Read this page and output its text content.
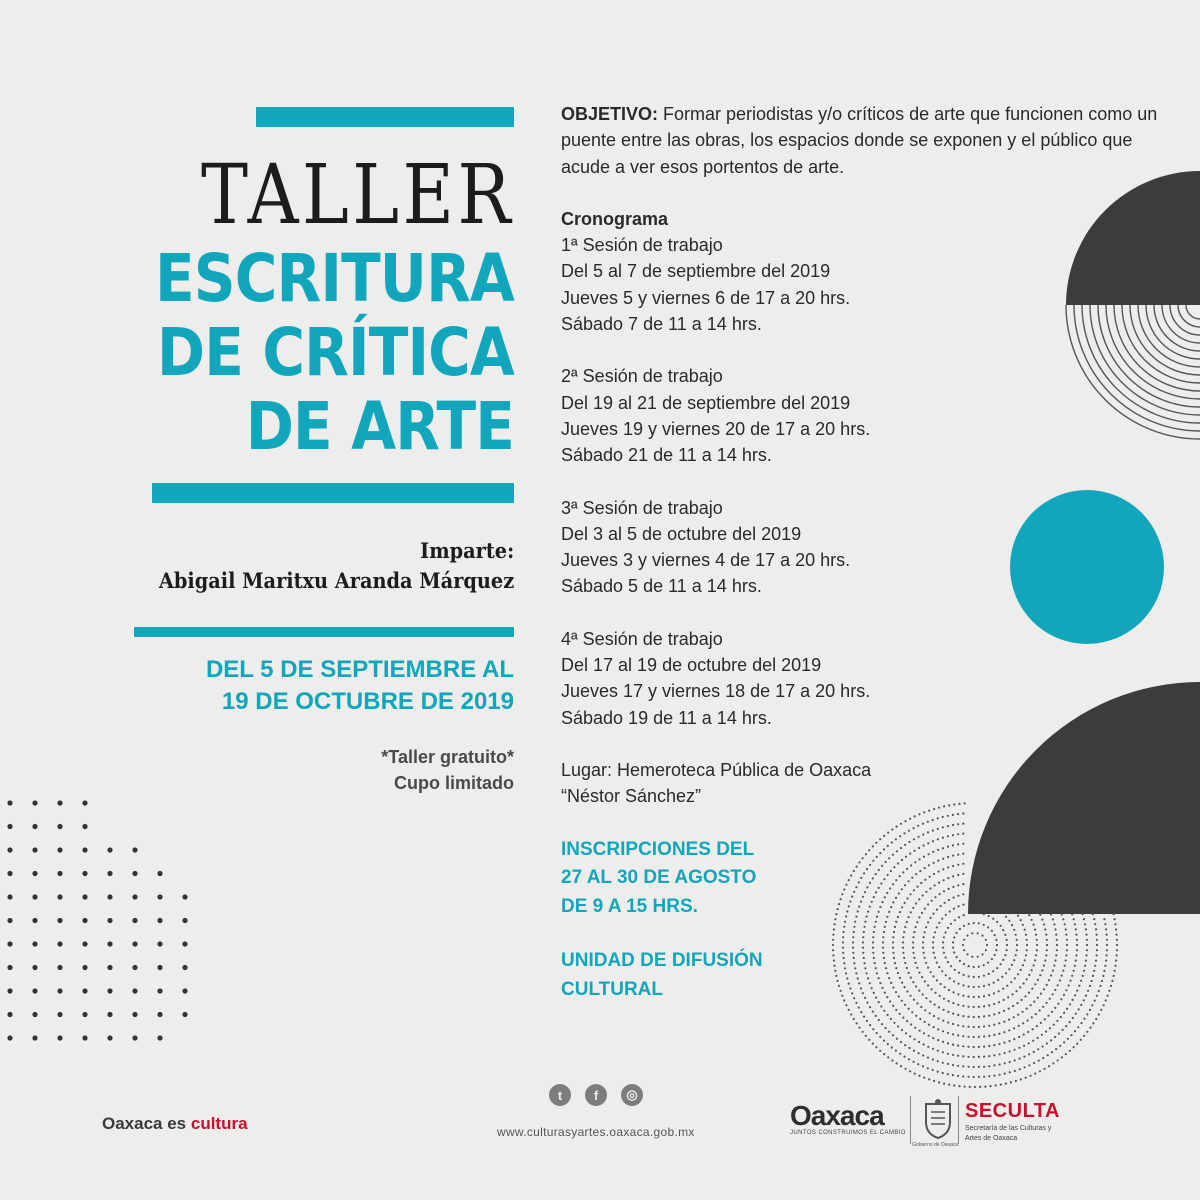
TALLER
ESCRITURA
DE CRÍTICA
DE ARTE
Imparte:
Abigail Maritxu Aranda Márquez
DEL 5 DE SEPTIEMBRE AL
19 DE OCTUBRE DE 2019
*Taller gratuito*
Cupo limitado
OBJETIVO: Formar periodistas y/o críticos de arte que funcionen como un puente entre las obras, los espacios donde se exponen y el público que acude a ver esos portentos de arte.
Cronograma
1ª Sesión de trabajo
Del 5 al 7 de septiembre del 2019
Jueves 5 y viernes 6 de 17 a 20 hrs.
Sábado 7 de 11 a 14 hrs.
2ª Sesión de trabajo
Del 19 al 21 de septiembre del 2019
Jueves 19 y viernes 20 de 17 a 20 hrs.
Sábado 21 de 11 a 14 hrs.
3ª Sesión de trabajo
Del 3 al 5 de octubre del 2019
Jueves 3 y viernes 4 de 17 a 20 hrs.
Sábado 5 de 11 a 14 hrs.
4ª Sesión de trabajo
Del 17 al 19 de octubre del 2019
Jueves 17 y viernes 18 de 17 a 20 hrs.
Sábado 19 de 11 a 14 hrs.
Lugar: Hemeroteca Pública de Oaxaca
“Néstor Sánchez”
INSCRIPCIONES DEL
27 AL 30 DE AGOSTO
DE 9 A 15 HRS.
UNIDAD DE DIFUSIÓN
CULTURAL
Oaxaca es cultura
t	f	◎
www.culturasyartes.oaxaca.gob.mx
Oaxaca
JUNTOS CONSTRUIMOS EL CAMBIO
Gobierno de Oaxaca
SECULTA
Secretaría de las Culturas y
Artes de Oaxaca
